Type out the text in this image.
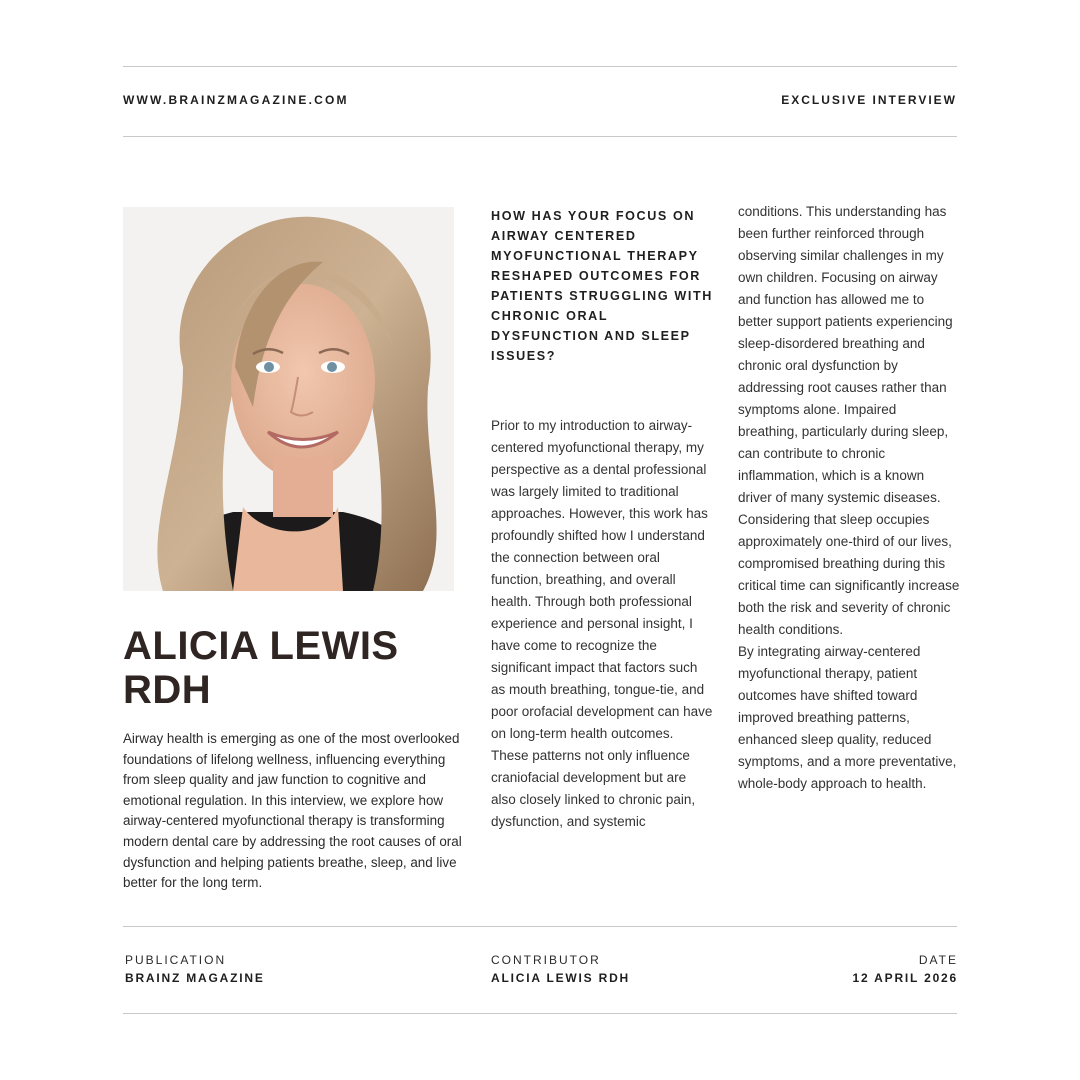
WWW.BRAINZMAGAZINE.COM	EXCLUSIVE INTERVIEW
ALICIA LEWIS
RDH

Airway health is emerging as one of the most overlooked foundations of lifelong wellness, influencing everything from sleep quality and jaw function to cognitive and emotional regulation. In this interview, we explore how airway-centered myofunctional therapy is transforming modern dental care by addressing the root causes of oral dysfunction and helping patients breathe, sleep, and live better for the long term.

HOW HAS YOUR FOCUS ON AIRWAY CENTERED MYOFUNCTIONAL THERAPY RESHAPED OUTCOMES FOR PATIENTS STRUGGLING WITH CHRONIC ORAL DYSFUNCTION AND SLEEP ISSUES?

Prior to my introduction to airway-centered myofunctional therapy, my perspective as a dental professional was largely limited to traditional approaches. However, this work has profoundly shifted how I understand the connection between oral function, breathing, and overall health. Through both professional experience and personal insight, I have come to recognize the significant impact that factors such as mouth breathing, tongue-tie, and poor orofacial development can have on long-term health outcomes. These patterns not only influence craniofacial development but are also closely linked to chronic pain, dysfunction, and systemic

conditions. This understanding has been further reinforced through observing similar challenges in my own children. Focusing on airway and function has allowed me to better support patients experiencing sleep-disordered breathing and chronic oral dysfunction by addressing root causes rather than symptoms alone. Impaired breathing, particularly during sleep, can contribute to chronic inflammation, which is a known driver of many systemic diseases. Considering that sleep occupies approximately one-third of our lives, compromised breathing during this critical time can significantly increase both the risk and severity of chronic health conditions.

By integrating airway-centered myofunctional therapy, patient outcomes have shifted toward improved breathing patterns, enhanced sleep quality, reduced symptoms, and a more preventative, whole-body approach to health.

PUBLICATION
BRAINZ MAGAZINE
CONTRIBUTOR
ALICIA LEWIS RDH
DATE
12 APRIL 2026
